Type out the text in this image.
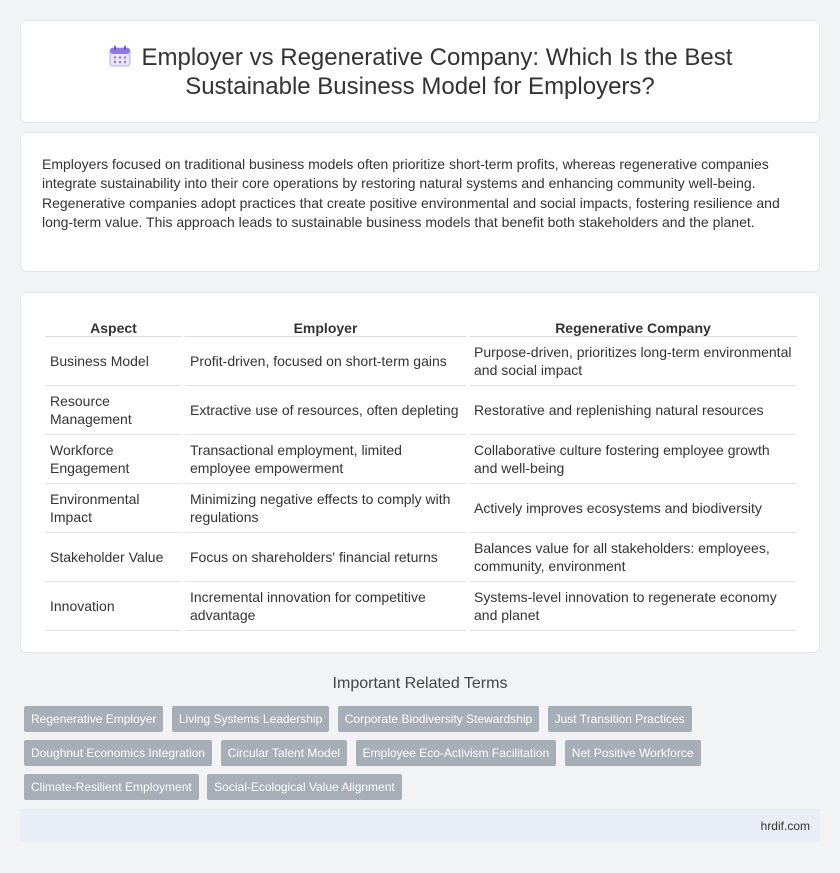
Employer vs Regenerative Company: Which Is the Best
Sustainable Business Model for Employers?

Employers focused on traditional business models often prioritize short-term profits, whereas regenerative companies integrate sustainability into their core operations by restoring natural systems and enhancing community well-being. Regenerative companies adopt practices that create positive environmental and social impacts, fostering resilience and long-term value. This approach leads to sustainable business models that benefit both stakeholders and the planet.

Aspect	Employer	Regenerative Company
Business Model	Profit-driven, focused on short-term gains	Purpose-driven, prioritizes long-term environmental and social impact
Resource Management	Extractive use of resources, often depleting	Restorative and replenishing natural resources
Workforce Engagement	Transactional employment, limited employee empowerment	Collaborative culture fostering employee growth and well-being
Environmental Impact	Minimizing negative effects to comply with regulations	Actively improves ecosystems and biodiversity
Stakeholder Value	Focus on shareholders' financial returns	Balances value for all stakeholders: employees, community, environment
Innovation	Incremental innovation for competitive advantage	Systems-level innovation to regenerate economy and planet
Important Related Terms
Regenerative Employer Living Systems Leadership Corporate Biodiversity Stewardship Just Transition Practices Doughnut Economics Integration Circular Talent Model Employee Eco-Activism Facilitation Net Positive Workforce Climate-Resilient Employment Social-Ecological Value Alignment
hrdif.com
